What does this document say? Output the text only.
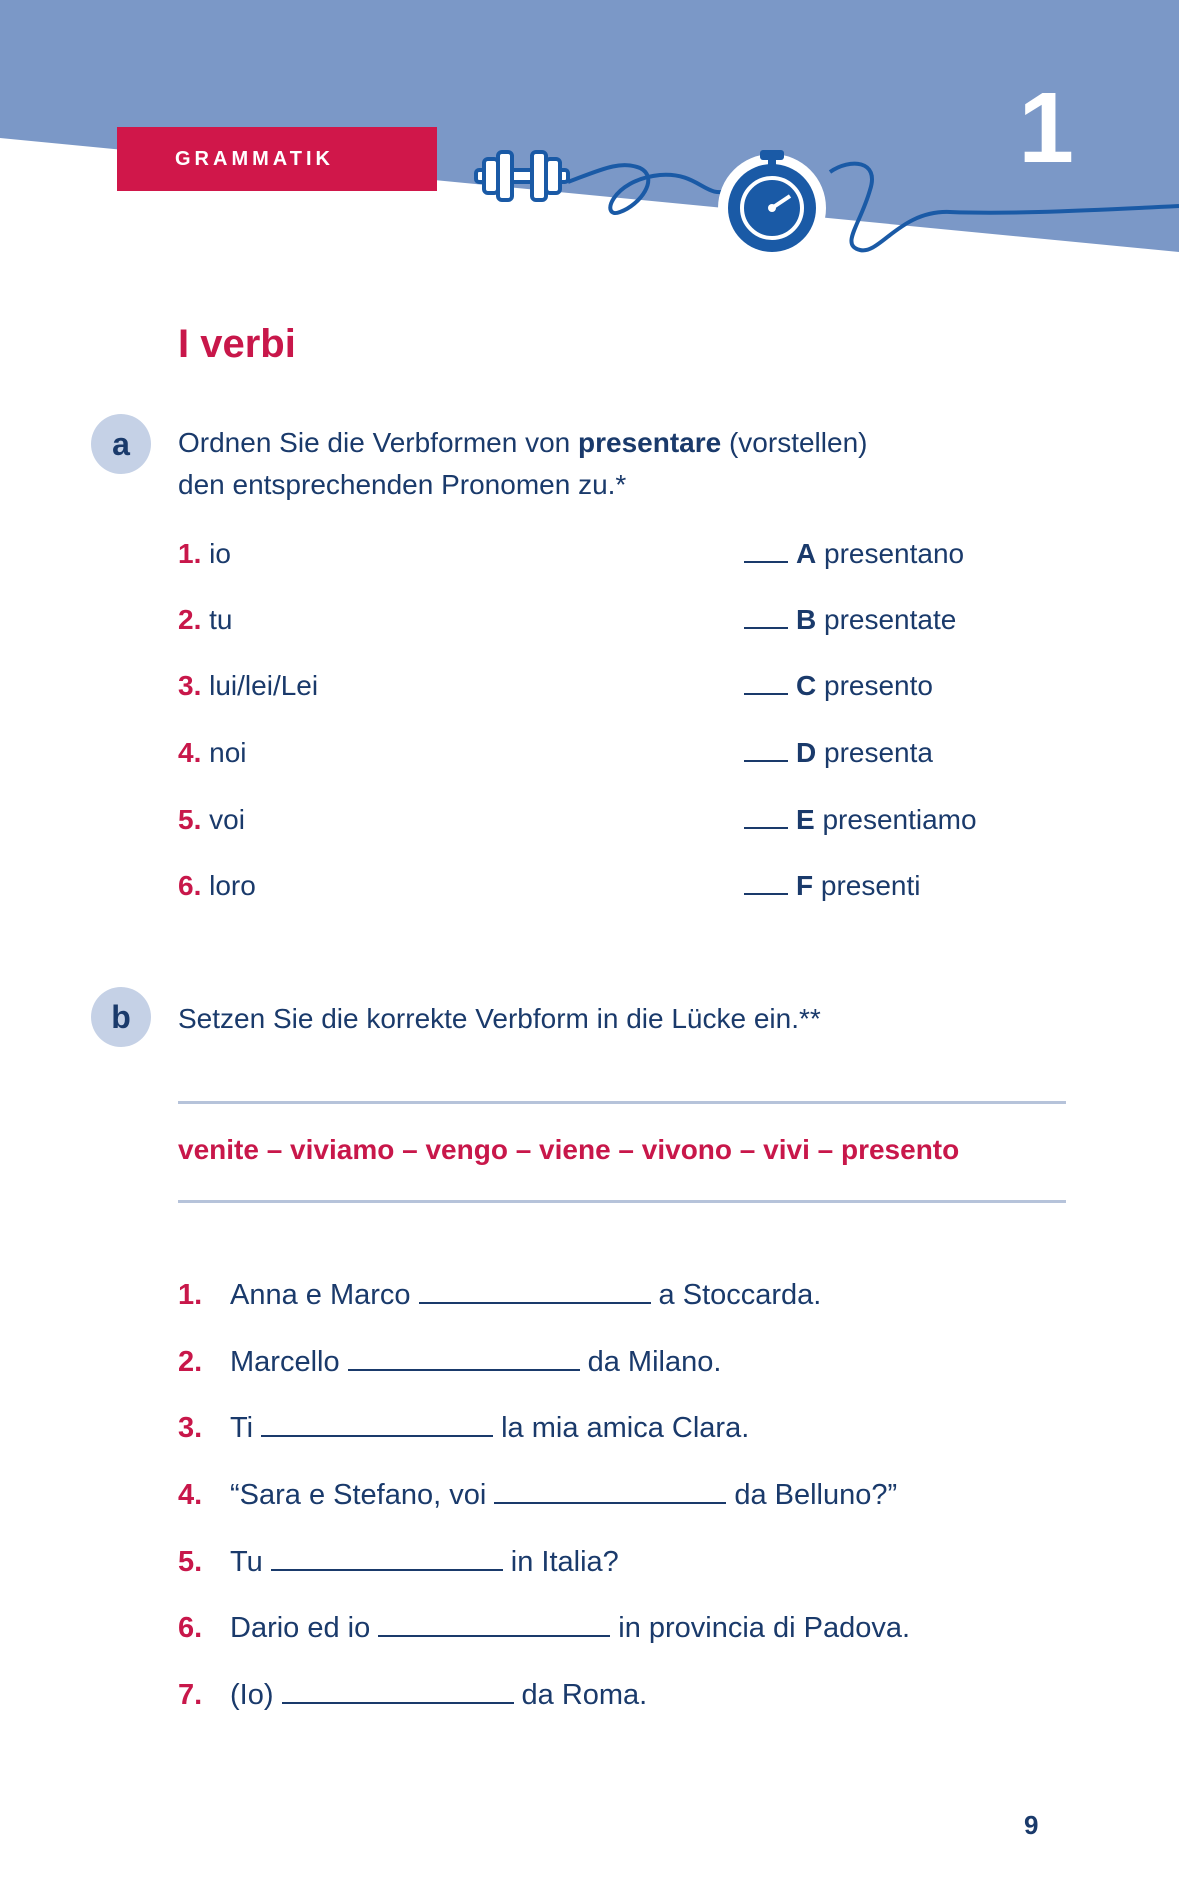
1
GRAMMATIK
I verbi
a	Ordnen Sie die Verbformen von presentare (vorstellen)
den entsprechenden Pronomen zu.*
1. io	A presentano
2. tu	B presentate
3. lui/lei/Lei	C presento
4. noi	D presenta
5. voi	E presentiamo
6. loro	F presenti
b	Setzen Sie die korrekte Verbform in die Lücke ein.**
venite – viviamo – vengo – viene – vivono – vivi – presento
1. Anna e Marco	a Stoccarda.
2. Marcello	da Milano.
3. Ti	la mia amica Clara.
4. “Sara e Stefano, voi	da Belluno?”
5. Tu	in Italia?
6. Dario ed io	in provincia di Padova.
7. (Io)	da Roma.
9
